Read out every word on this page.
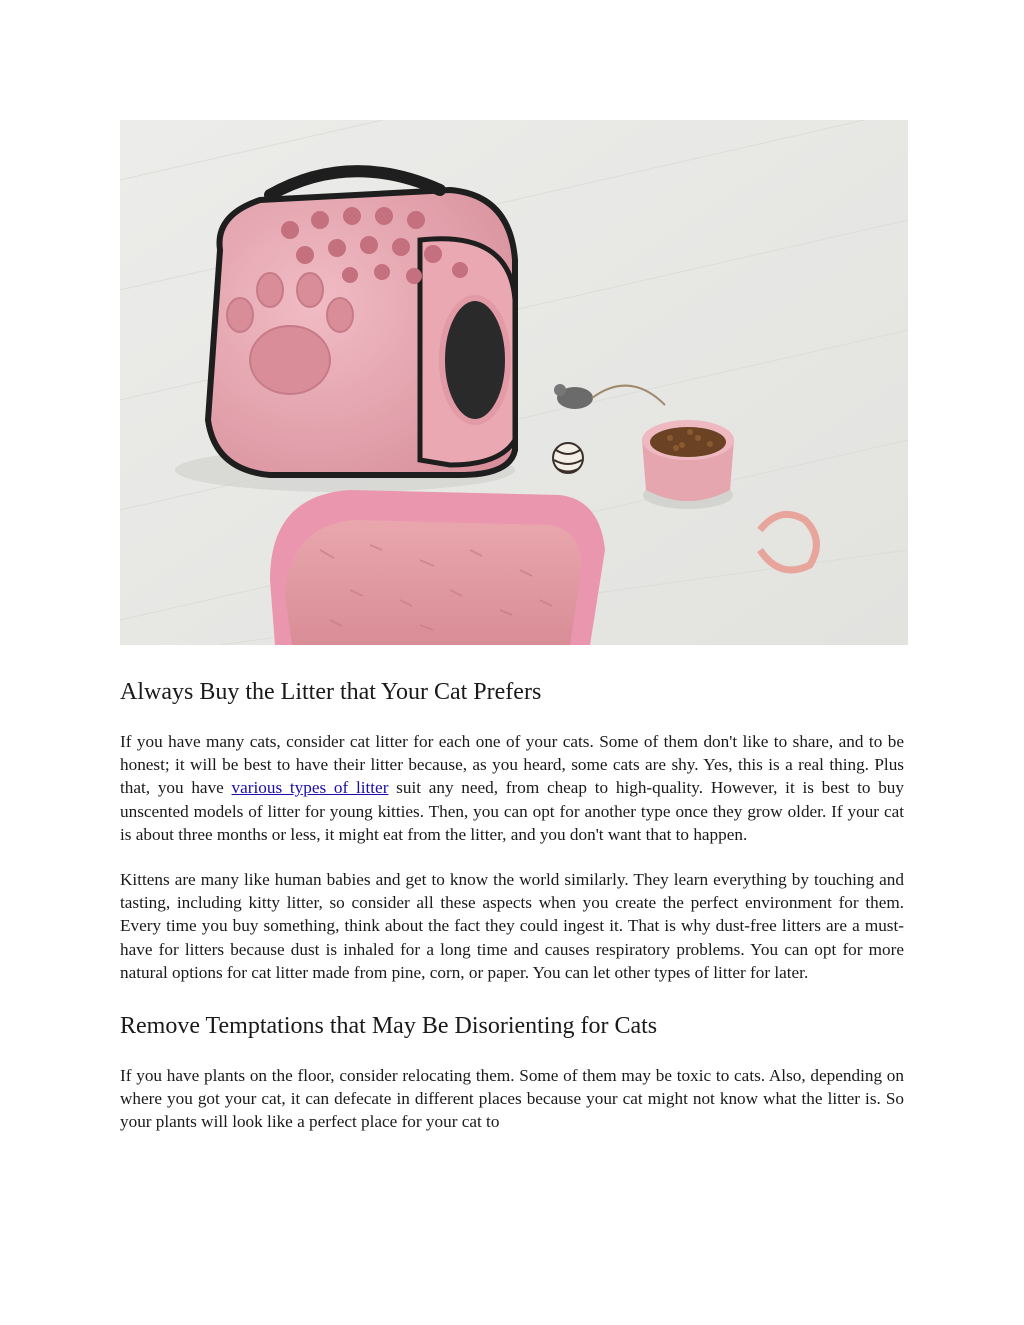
Always Buy the Litter that Your Cat Prefers

If you have many cats, consider cat litter for each one of your cats. Some of them don't like to share, and to be honest; it will be best to have their litter because, as you heard, some cats are shy. Yes, this is a real thing. Plus that, you have various types of litter suit any need, from cheap to high-quality. However, it is best to buy unscented models of litter for young kitties. Then, you can opt for another type once they grow older. If your cat is about three months or less, it might eat from the litter, and you don't want that to happen.

Kittens are many like human babies and get to know the world similarly. They learn everything by touching and tasting, including kitty litter, so consider all these aspects when you create the perfect environment for them. Every time you buy something, think about the fact they could ingest it. That is why dust-free litters are a must-have for litters because dust is inhaled for a long time and causes respiratory problems. You can opt for more natural options for cat litter made from pine, corn, or paper. You can let other types of litter for later.

Remove Temptations that May Be Disorienting for Cats

If you have plants on the floor, consider relocating them. Some of them may be toxic to cats. Also, depending on where you got your cat, it can defecate in different places because your cat might not know what the litter is. So your plants will look like a perfect place for your cat to
